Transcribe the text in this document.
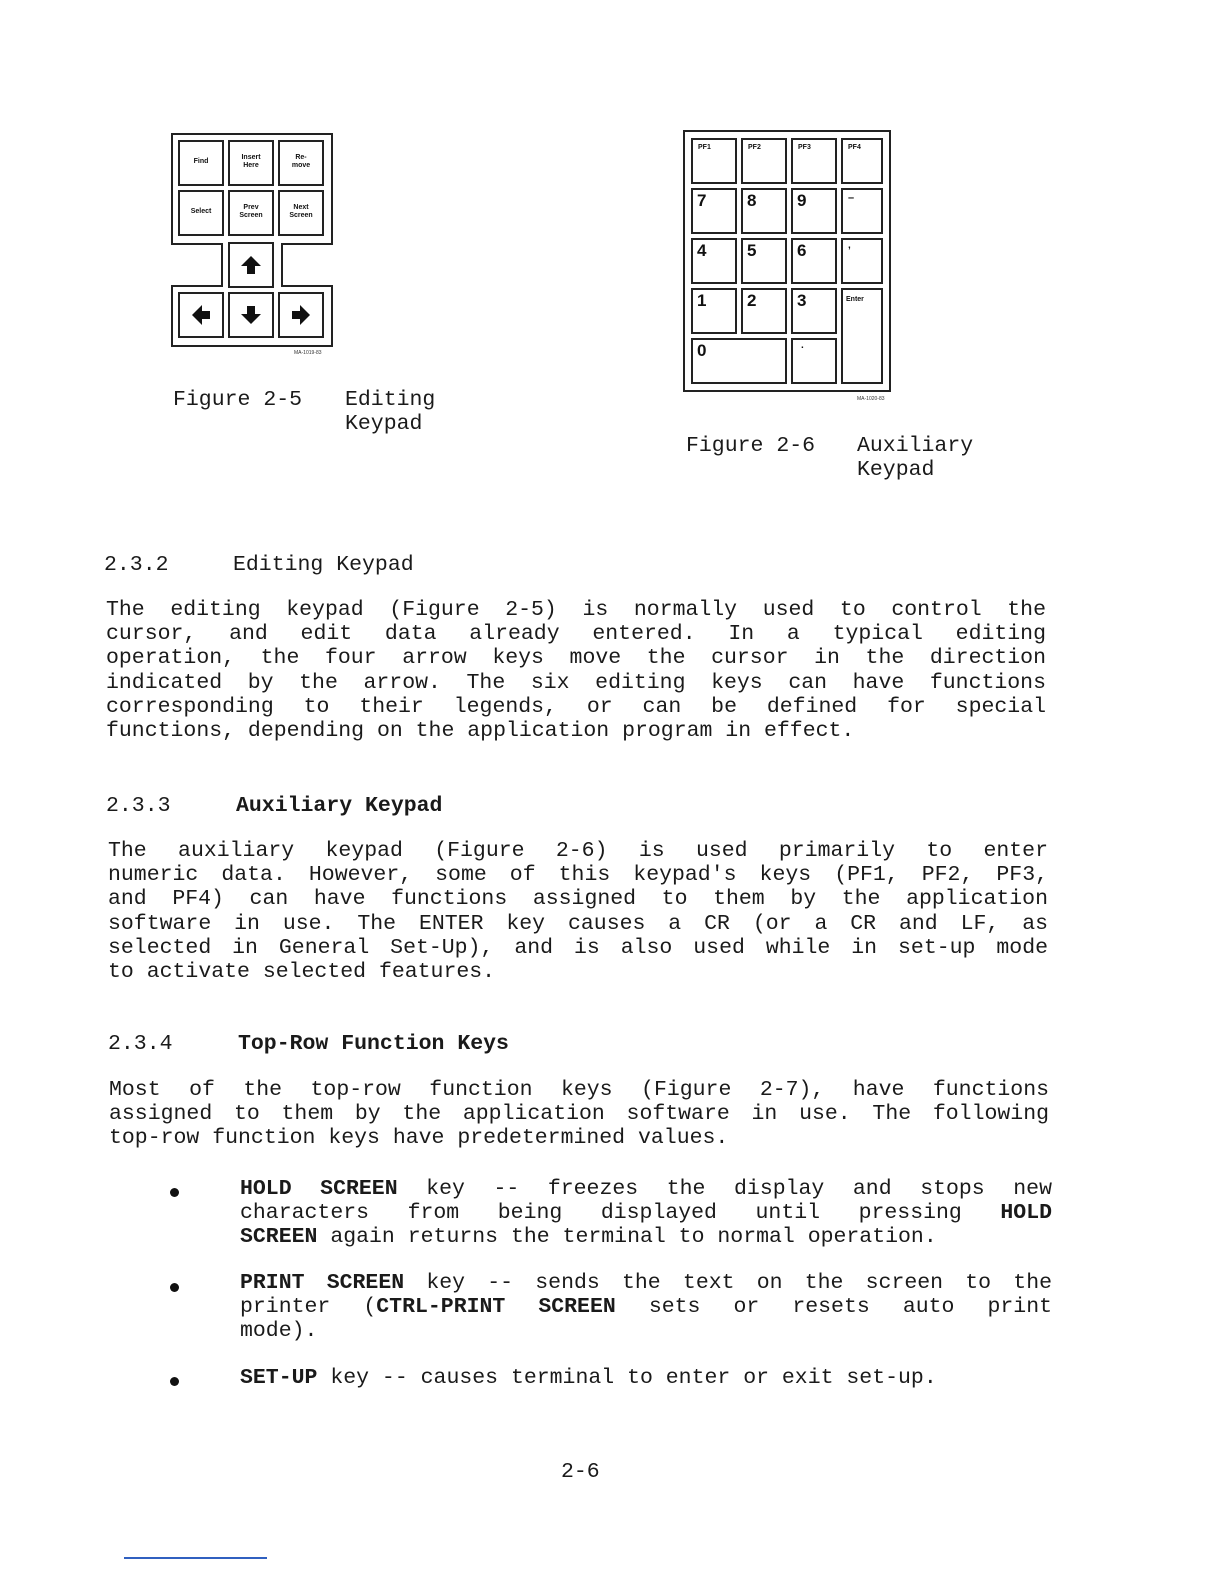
Find
Insert
Here
Re-
move
Select
Prev
Screen
Next
Screen
MA-1019-83
Figure 2-5 Editing
Keypad
PF1	PF2	PF3	PF4
7 8 9	–
4 5 6	,
1 2 3	Enter
0	.
MA-1020-83
Figure 2-6 Auxiliary
Keypad
2.3.2	Editing Keypad
The editing keypad (Figure 2-5) is normally used to control the
cursor, and edit data already entered. In a typical editing
operation, the four arrow keys move the cursor in the direction
indicated by the arrow. The six editing keys can have functions
corresponding to their legends, or can be defined for special
functions, depending on the application program in effect.
2.3.3	Auxiliary Keypad
The auxiliary keypad (Figure 2-6) is used primarily to enter
numeric data. However, some of this keypad's keys (PF1, PF2, PF3,
and PF4) can have functions assigned to them by the application
software in use. The ENTER key causes a CR (or a CR and LF, as
selected in General Set-Up), and is also used while in set-up mode
to activate selected features.
2.3.4	Top-Row Function Keys
Most of the top-row function keys (Figure 2-7), have functions
assigned to them by the application software in use. The following
top-row function keys have predetermined values.
HOLD SCREEN key -- freezes the display and stops new
characters from being displayed until pressing HOLD
SCREEN again returns the terminal to normal operation.
PRINT SCREEN key -- sends the text on the screen to the
printer (CTRL-PRINT SCREEN sets or resets auto print
mode).
SET-UP key -- causes terminal to enter or exit set-up.
2-6
